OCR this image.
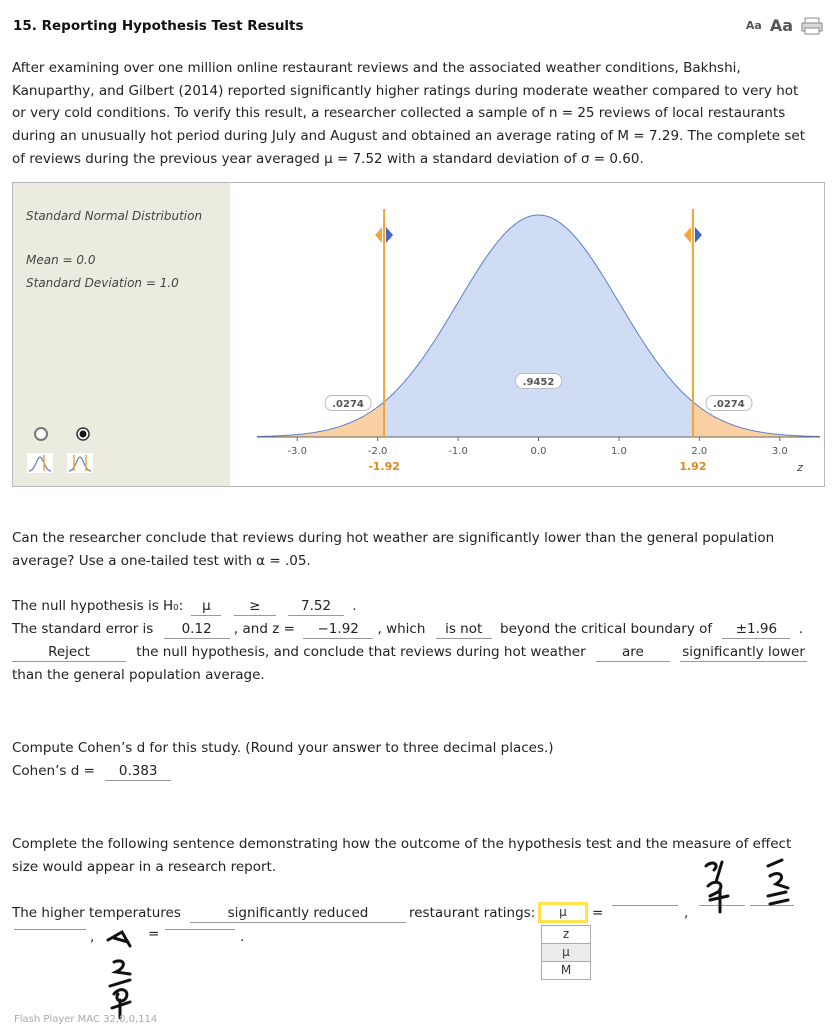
15. Reporting Hypothesis Test Results	Aa Aa
After examining over one million online restaurant reviews and the associated weather conditions, Bakhshi,
Kanuparthy, and Gilbert (2014) reported significantly higher ratings during moderate weather compared to very hot
or very cold conditions. To verify this result, a researcher collected a sample of n = 25 reviews of local restaurants
during an unusually hot period during July and August and obtained an average rating of M = 7.29. The complete set
of reviews during the previous year averaged μ = 7.52 with a standard deviation of σ = 0.60.
Standard Normal Distribution
Mean = 0.0
Standard Deviation = 1.0
-3.0	-2.0	-1.0	0.0	1.0	2.0	3.0
.0274
.9452
.0274
-1.92	1.92	z
Can the researcher conclude that reviews during hot weather are significantly lower than the general population
average? Use a one-tailed test with α = .05.
The null hypothesis is H₀: μ	≥	7.52 .
The standard error is 0.12 , and z = −1.92 , which is not beyond the critical boundary of ±1.96 .
Reject	the null hypothesis, and conclude that reviews during hot weather	are	significantly lower
than the general population average.
Compute Cohen’s d for this study. (Round your answer to three decimal places.)
Cohen’s d = 0.383
Complete the following sentence demonstrating how the outcome of the hypothesis test and the measure of effect
size would appear in a research report.
The higher temperatures	significantly reduced	restaurant ratings:	μ
z
μ
M
=	,
,	=	.
Flash Player MAC 32,0,0,114
